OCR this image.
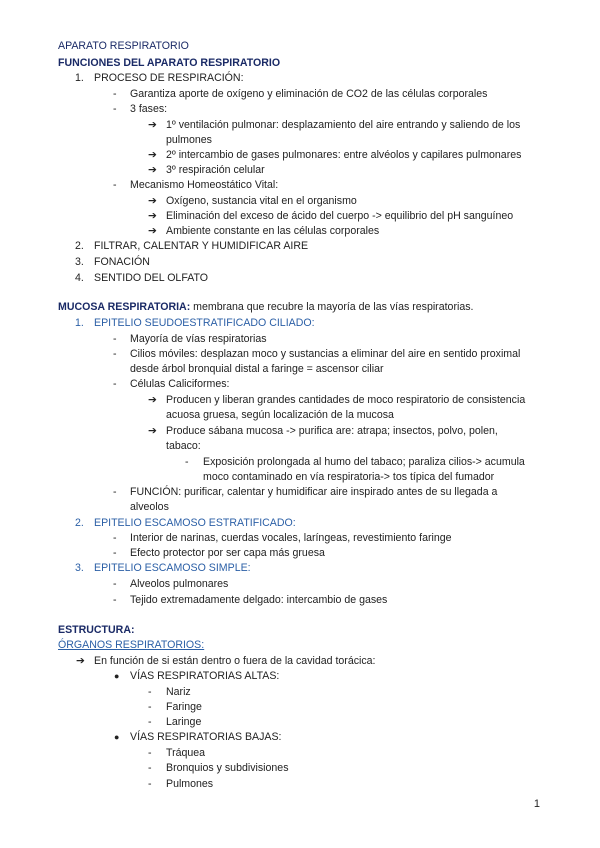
APARATO RESPIRATORIO
FUNCIONES DEL APARATO RESPIRATORIO
1. PROCESO DE RESPIRACIÓN:
- Garantiza aporte de oxígeno y eliminación de CO2 de las células corporales
- 3 fases:
➔ 1º ventilación pulmonar: desplazamiento del aire entrando y saliendo de los
pulmones
➔ 2º intercambio de gases pulmonares: entre alvéolos y capilares pulmonares
➔ 3º respiración celular
- Mecanismo Homeostático Vital:
➔ Oxígeno, sustancia vital en el organismo
➔ Eliminación del exceso de ácido del cuerpo -> equilibrio del pH sanguíneo
➔ Ambiente constante en las células corporales
2. FILTRAR, CALENTAR Y HUMIDIFICAR AIRE
3. FONACIÓN
4. SENTIDO DEL OLFATO
MUCOSA RESPIRATORIA: membrana que recubre la mayoría de las vías respiratorias.
1. EPITELIO SEUDOESTRATIFICADO CILIADO:
- Mayoría de vías respiratorias
- Cilios móviles: desplazan moco y sustancias a eliminar del aire en sentido proximal
desde árbol bronquial distal a faringe = ascensor ciliar
- Células Caliciformes:
➔ Producen y liberan grandes cantidades de moco respiratorio de consistencia
acuosa gruesa, según localización de la mucosa
➔ Produce sábana mucosa -> purifica are: atrapa; insectos, polvo, polen,
tabaco:
- Exposición prolongada al humo del tabaco; paraliza cilios-> acumula
moco contaminado en vía respiratoria-> tos típica del fumador
- FUNCIÓN: purificar, calentar y humidificar aire inspirado antes de su llegada a
alveolos
2. EPITELIO ESCAMOSO ESTRATIFICADO:
- Interior de narinas, cuerdas vocales, laríngeas, revestimiento faringe
- Efecto protector por ser capa más gruesa
3. EPITELIO ESCAMOSO SIMPLE:
- Alveolos pulmonares
- Tejido extremadamente delgado: intercambio de gases
ESTRUCTURA:
ÓRGANOS RESPIRATORIOS:
➔ En función de si están dentro o fuera de la cavidad torácica:
● VÍAS RESPIRATORIAS ALTAS:
- Nariz
- Faringe
- Laringe
● VÍAS RESPIRATORIAS BAJAS:
- Tráquea
- Bronquios y subdivisiones
- Pulmones
1
